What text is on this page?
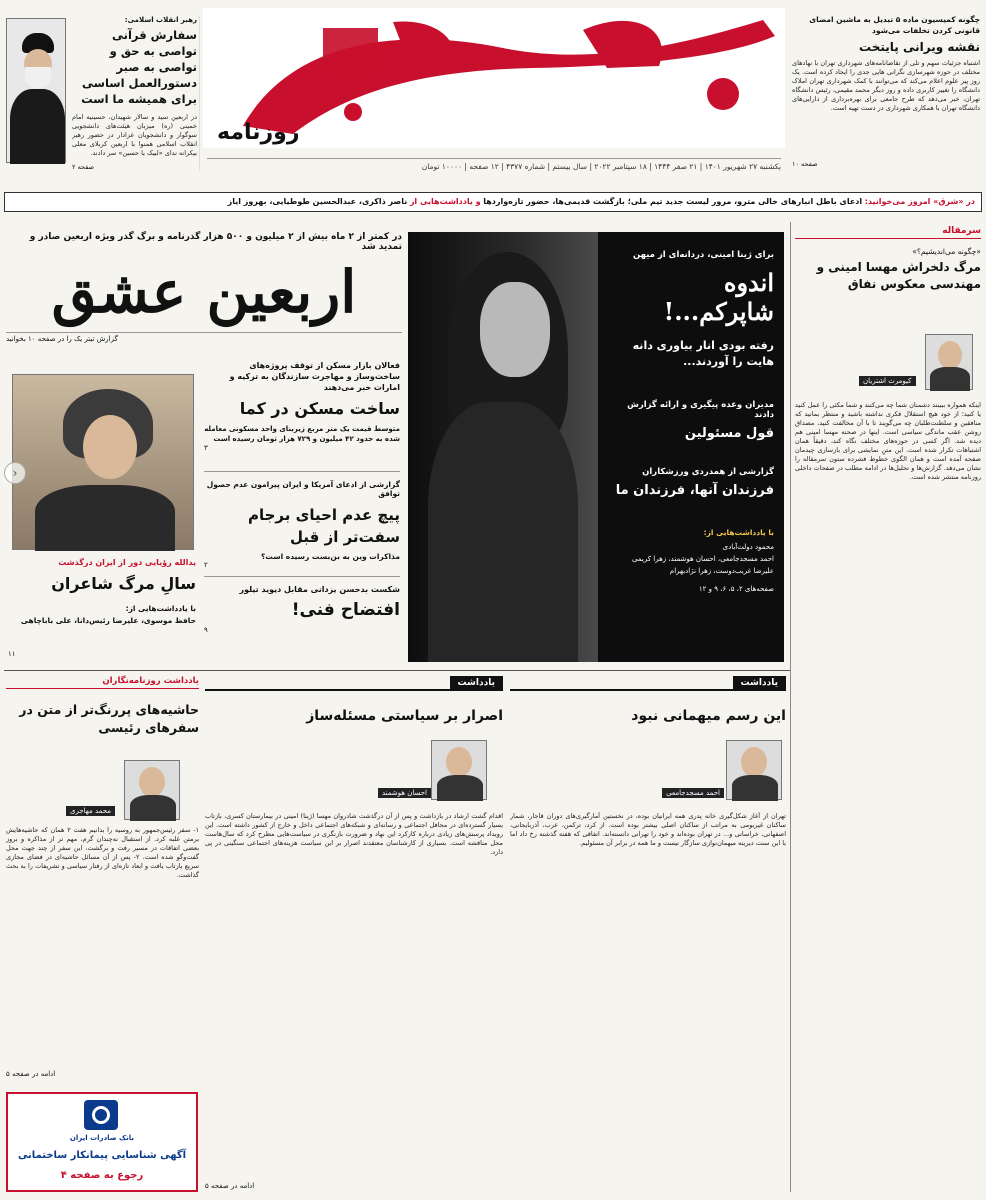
روزنامه
یکشنبه ۲۷ شهریور ۱۴۰۱ | ۲۱ صفر ۱۴۴۴ | ۱۸ سپتامبر ۲۰۲۲ | سال بیستم | شماره ۴۳۷۷ | ۱۲ صفحه | ۱۰۰۰۰ تومان
رهبر انقلاب اسلامی:
سفارش قرآنی تواصی به حق و تواصی به صبر دستورالعمل اساسی برای همیشه ما است
در اربعین سید و سالار شهیدان، حسینیه امام خمینی (ره) میزبان هیئت‌های دانشجویی سوگوار و دانشجویان عزادار در حضور رهبر انقلاب اسلامی همنوا با اربعین کربلای معلی بیکرانه ندای «لبیک یا حسین» سر دادند.
صفحه ۲
چگونه کمیسیون ماده ۵ تبدیل به ماشین امضای قانونی کردن تخلفات می‌شود
نقشه ویرانی پایتخت
اشتباه جزئیات سهم و تلی از تقاضانامه‌های شهرداری تهران با نهادهای مختلف در حوزه شهرسازی نگرانی هایی جدی را ایجاد کرده است. یک روز پیر علوم اعلام می‌کند که می‌توانند با کمک شهرداری تهران املاک دانشگاه را تغییر کاربری داده و روز دیگر محمد مقیمی، رئیس دانشگاه تهران، خبر می‌دهد که طرح جامعی برای بهره‌برداری از دارایی‌های دانشگاه تهران با همکاری شهرداری در دست تهیه است.
صفحه ۱۰
در «شرق» امروز می‌خوانید: ادعای باطل انبارهای خالی مترو، مرور لیست جدید تیم ملی؛ بازگشت قدیمی‌ها، حضور تازه‌واردها و یادداشت‌هایی از ناصر ذاکری، عبدالحسین طوطیایی، بهروز ایاز
سرمقاله
«چگونه می‌اندیشیم؟»
مرگ دلخراش مهسا امینی و مهندسی معکوس نفاق
کیومرث اشتریان
اینکه همواره ببینند دشمنان شما چه می‌کنند و شما مکثی را عمل کنید یا کنید؛ از خود هیچ استقلال فکری نداشته باشید و منتظر بمانید که منافقین و سلطنت‌طلبان چه می‌گویند تا با آن مخالفت کنید، مصداق روشن عقب ماندگی سیاسی است. اینها در صحنه مهسا امینی هم دیده شد. اگر کسی در حوزه‌های مختلف نگاه کند، دقیقاً همان اشتباهات تکرار شده است. این متنِ نمایشی برای بازسازی چیدمان صفحه آمده است و همان الگوی خطوط فشرده ستون سرمقاله را نشان می‌دهد. گزارش‌ها و تحلیل‌ها در ادامه مطلب در صفحات داخلی روزنامه منتشر شده است.
در کمتر از ۲ ماه بیش از ۲ میلیون و ۵۰۰ هزار گذرنامه و برگ گذر ویژه اربعین صادر و تمدید شد
اربعین عشق
گزارش تیتر یک را در صفحه ۱۰ بخوانید
برای ژینا امینی، دردانه‌ای از میهن
اندوه شاپرکم...!
رفته بودی انار بیاوری دانه هایت را آوردند...
مدیران وعده پیگیری و ارائه گزارش دادند
قول مسئولین
گزارشی از همدردی ورزشکاران
فرزندان آنها، فرزندان ما
با یادداشت‌هایی از:
محمود دولت‌آبادی
احمد مسجدجامعی، احسان هوشمند، زهرا کریمی
علیرضا غریب‌دوست، زهرا نژادبهرام
صفحه‌های ۲، ۵، ۶، ۹ و ۱۲
فعالان بازار مسکن از توقف پروژه‌های ساخت‌وساز و مهاجرت سازندگان به ترکیه و امارات خبر می‌دهند
ساخت مسکن در کما
متوسط قیمت یک متر مربع زیربنای واحد مسکونی معامله شده به حدود ۴۲ میلیون و ۷۲۹ هزار تومان رسیده است
۳
گزارشی از ادعای آمریکا و ایران پیرامون عدم حصول توافق
پیچ عدم احیای برجام سفت‌تر از قبل
مذاکرات وین به بن‌بست رسیده است؟
۲
شکست بدحسن یزدانی مقابل دیوید تیلور
افتضاح فنی!
۹
یدالله رؤیایی دور از ایران درگذشت
سالِ مرگ شاعران
با یادداشت‌هایی از:
حافظ موسوی، علیرضا رئیس‌دانا، علی باباچاهی
۱۱
‹
یادداشت
این رسم میهمانی نبود
احمد مسجدجامعی
تهران از آغاز شکل‌گیری خانه پدری همه ایرانیان بوده، در نخستین آمارگیری‌های دوران قاجار، شمار ساکنان غیربومی به مراتب از ساکنان اصلی بیشتر بوده است. از کرد، ترکمن، عرب، آذربایجانی، اصفهانی، خراسانی و... در تهران بوده‌اند و خود را تهرانی دانسته‌اند. اتفاقی که هفته گذشته رخ داد اما با این سنت دیرینه میهمان‌نوازی سازگار نیست و ما همه در برابر آن مسئولیم.
یادداشت
اصرار بر سیاستی مسئله‌ساز
احسان هوشمند
اقدام گشت ارشاد در بازداشت و پس از آن درگذشت شادروان مهسا (ژینا) امینی در بیمارستان کسری، بازتاب بسیار گسترده‌ای در محافل اجتماعی و رسانه‌ای و شبکه‌های اجتماعی داخل و خارج از کشور داشته است. این رویداد پرسش‌های زیادی درباره کارکرد این نهاد و ضرورت بازنگری در سیاست‌هایی مطرح کرد که سال‌هاست محل مناقشه است. بسیاری از کارشناسان معتقدند اصرار بر این سیاست هزینه‌های اجتماعی سنگینی در پی دارد.
ادامه در صفحه ۵
یادداشت روزنامه‌نگاران
حاشیه‌های پررنگ‌تر از متن در سفرهای رئیسی
محمد مهاجری
۱- سفر رئیس‌جمهور به روسیه را بدانیم هفت ۲ همان که حاشیه‌هایش برمتن غلبه کرد. از استقبال نه‌چندان گرم، مهم تر از مذاکره و بروز بعضی اتفاقات در مسیر رفت و برگشت، این سفر از چند جهت محل گفت‌وگو شده است. ۲- پس از آن مسائل حاشیه‌ای در فضای مجازی سریع بازتاب یافت و ابعاد تازه‌ای از رفتار سیاسی و تشریفات را به بحث گذاشت.
ادامه در صفحه ۵
بانک صادرات ایران
آگهی شناسایی پیمانکار ساختمانی
رجوع به صفحه ۴
